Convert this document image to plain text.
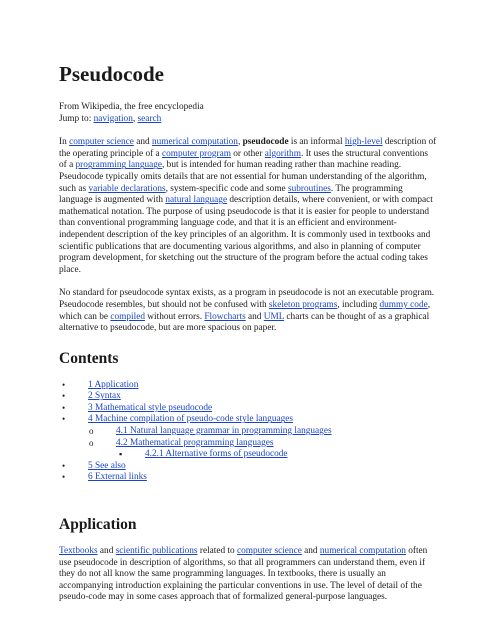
Pseudocode

From Wikipedia, the free encyclopedia

Jump to: navigation, search

In computer science and numerical computation, pseudocode is an informal high-level description of the operating principle of a computer program or other algorithm. It uses the structural conventions of a programming language, but is intended for human reading rather than machine reading. Pseudocode typically omits details that are not essential for human understanding of the algorithm, such as variable declarations, system-specific code and some subroutines. The programming language is augmented with natural language description details, where convenient, or with compact mathematical notation. The purpose of using pseudocode is that it is easier for people to understand than conventional programming language code, and that it is an efficient and environment-independent description of the key principles of an algorithm. It is commonly used in textbooks and scientific publications that are documenting various algorithms, and also in planning of computer program development, for sketching out the structure of the program before the actual coding takes place.

No standard for pseudocode syntax exists, as a program in pseudocode is not an executable program. Pseudocode resembles, but should not be confused with skeleton programs, including dummy code, which can be compiled without errors. Flowcharts and UML charts can be thought of as a graphical alternative to pseudocode, but are more spacious on paper.

Contents
• 1 Application
• 2 Syntax
• 3 Mathematical style pseudocode
• 4 Machine compilation of pseudo-code style languages
o 4.1 Natural language grammar in programming languages
o 4.2 Mathematical programming languages
▪ 4.2.1 Alternative forms of pseudocode
• 5 See also
• 6 External links
Application

Textbooks and scientific publications related to computer science and numerical computation often use pseudocode in description of algorithms, so that all programmers can understand them, even if they do not all know the same programming languages. In textbooks, there is usually an accompanying introduction explaining the particular conventions in use. The level of detail of the pseudo-code may in some cases approach that of formalized general-purpose languages.
